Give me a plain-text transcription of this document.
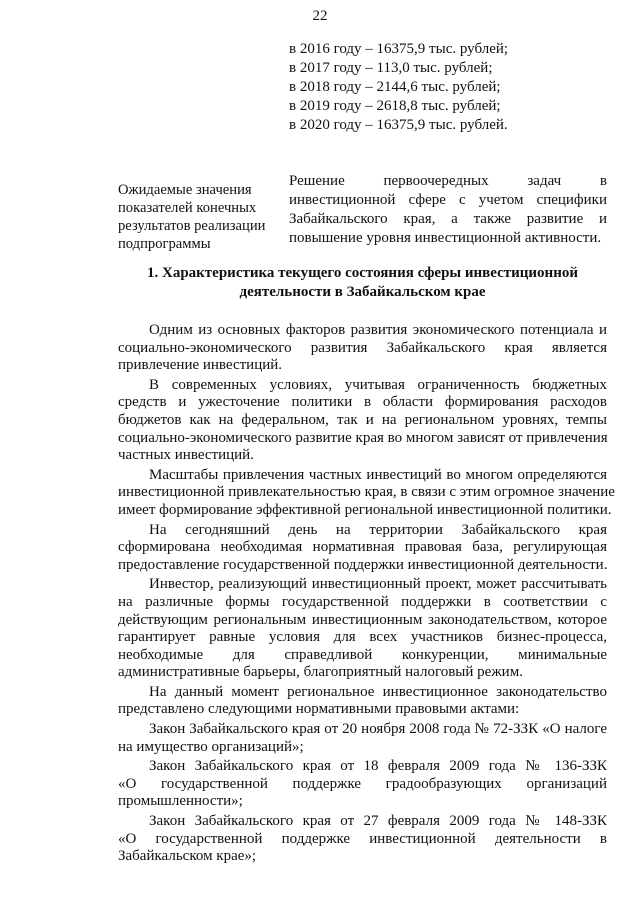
22
в 2016 году – 16375,9 тыс. рублей;
в 2017 году – 113,0 тыс. рублей;
в 2018 году – 2144,6 тыс. рублей;
в 2019 году – 2618,8 тыс. рублей;
в 2020 году – 16375,9 тыс. рублей.
Ожидаемые значения
показателей конечных
результатов реализации
подпрограммы
Решение первоочередных задач в
инвестиционной сфере с учетом специфики
Забайкальского края, а также развитие и
повышение уровня инвестиционной активности.
1. Характеристика текущего состояния сферы инвестиционной
деятельности в Забайкальском крае
Одним из основных факторов развития экономического потенциала и
социально-экономического развития Забайкальского края является
привлечение инвестиций.
В современных условиях, учитывая ограниченность бюджетных
средств и ужесточение политики в области формирования расходов
бюджетов как на федеральном, так и на региональном уровнях, темпы
социально-экономического развитие края во многом зависят от привлечения
частных инвестиций.
Масштабы привлечения частных инвестиций во многом определяются
инвестиционной привлекательностью края, в связи с этим огромное значение
имеет формирование эффективной региональной инвестиционной политики.
На сегодняшний день на территории Забайкальского края
сформирована необходимая нормативная правовая база, регулирующая
предоставление государственной поддержки инвестиционной деятельности.
Инвестор, реализующий инвестиционный проект, может рассчитывать
на различные формы государственной поддержки в соответствии с
действующим региональным инвестиционным законодательством, которое
гарантирует равные условия для всех участников бизнес-процесса,
необходимые для справедливой конкуренции, минимальные
административные барьеры, благоприятный налоговый режим.
На данный момент региональное инвестиционное законодательство
представлено следующими нормативными правовыми актами:
Закон Забайкальского края от 20 ноября 2008 года № 72-ЗЗК «О налоге
на имущество организаций»;
Закон Забайкальского края от 18 февраля 2009 года № 136-ЗЗК
«О государственной поддержке градообразующих организаций
промышленности»;
Закон Забайкальского края от 27 февраля 2009 года № 148-ЗЗК
«О государственной поддержке инвестиционной деятельности в
Забайкальском крае»;
